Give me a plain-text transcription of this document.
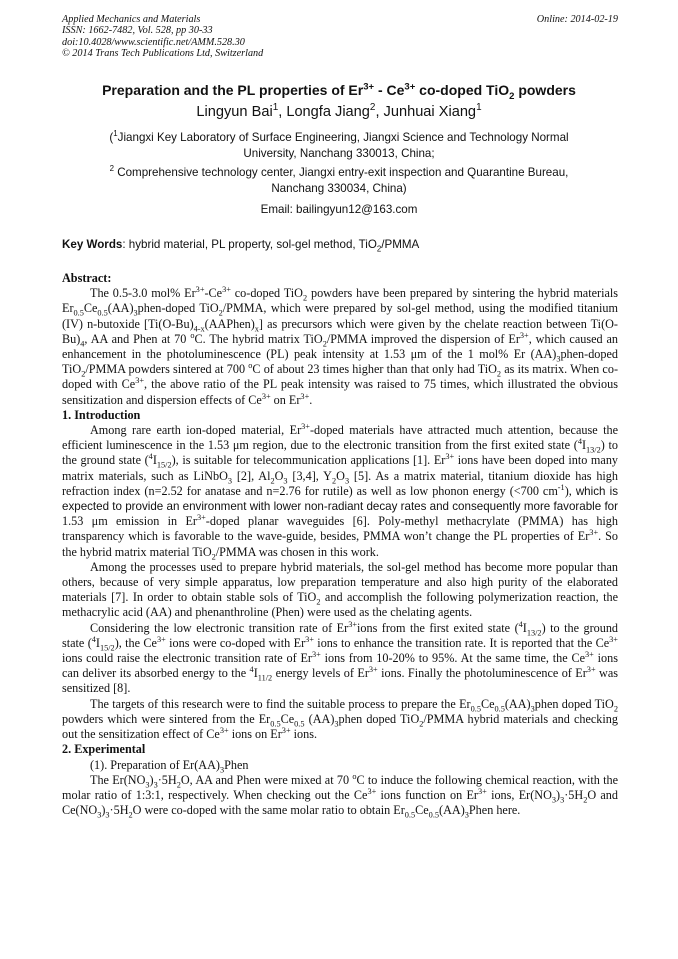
Applied Mechanics and Materials
ISSN: 1662-7482, Vol. 528, pp 30-33
doi:10.4028/www.scientific.net/AMM.528.30
© 2014 Trans Tech Publications Ltd, Switzerland
Online: 2014-02-19
Preparation and the PL properties of $Er^{3+} - Ce^{3+}$ co-doped TiO$_2$ powders
Lingyun Bai$^1$, Longfa Jiang$^2$, Junhuai Xiang$^1$
($^1$Jiangxi Key Laboratory of Surface Engineering, Jiangxi Science and Technology Normal
University, Nanchang 330013, China;
$^2$ Comprehensive technology center, Jiangxi entry-exit inspection and Quarantine Bureau,
Nanchang 330034, China)
Email: bailingyun12@163.com
Key Words: hybrid material, PL property, sol-gel method, TiO$_2$/PMMA
Abstract:

The 0.5-3.0 mol% $Er^{3+}-Ce^{3+}$ co-doped TiO$_2$ powders have been prepared by sintering the hybrid materials $Er_{0.5}Ce_{0.5}(AA)_3phen$-doped TiO$_2$/PMMA, which were prepared by sol-gel method, using the modified titanium (IV) n-butoxide $[Ti(O-Bu)_{4-x}(AAPhen)_x]$ as precursors which were given by the chelate reaction between $Ti(O-Bu)_4$, AA and Phen at 70 $^o$C. The hybrid matrix TiO$_2$/PMMA improved the dispersion of $Er^{3+}$, which caused an enhancement in the photoluminescence (PL) peak intensity at 1.53 μm of the 1 mol% Er $(AA)_3phen$-doped TiO$_2$/PMMA powders sintered at 700 $^o$C of about 23 times higher than that only had TiO$_2$ as its matrix. When co-doped with $Ce^{3+}$, the above ratio of the PL peak intensity was raised to 75 times, which illustrated the obvious sensitization and dispersion effects of $Ce^{3+}$ on $Er^{3+}$.

1. Introduction

Among rare earth ion-doped material, $Er^{3+}$-doped materials have attracted much attention, because the efficient luminescence in the 1.53 μm region, due to the electronic transition from the first exited state $(^4I_{13/2})$ to the ground state $(^4I_{15/2})$, is suitable for telecommunication applications [1]. $Er^{3+}$ ions have been doped into many matrix materials, such as LiNbO$_3$ [2], $Al_2O_3$ [3,4], $Y_2O_3$ [5]. As a matrix material, titanium dioxide has high refraction index (n=2.52 for anatase and n=2.76 for rutile) as well as low phonon energy (<700 $cm^{-1}$), which is expected to provide an environment with lower non-radiant decay rates and consequently more favorable for 1.53 μm emission in $Er^{3+}$-doped planar waveguides [6]. Poly-methyl methacrylate (PMMA) has high transparency which is favorable to the wave-guide, besides, PMMA won’t change the PL properties of $Er^{3+}$. So the hybrid matrix material TiO$_2$/PMMA was chosen in this work.

Among the processes used to prepare hybrid materials, the sol-gel method has become more popular than others, because of very simple apparatus, low preparation temperature and also high purity of the elaborated materials [7]. In order to obtain stable sols of TiO$_2$ and accomplish the following polymerization reaction, the methacrylic acid (AA) and phenanthroline (Phen) were used as the chelating agents.

Considering the low electronic transition rate of $Er^{3+}ions$ from the first exited state $(^4I_{13/2})$ to the ground state $(^4I_{15/2})$, the $Ce^{3+}$ ions were co-doped with $Er^{3+}$ ions to enhance the transition rate. It is reported that the $Ce^{3+}$ ions could raise the electronic transition rate of $Er^{3+}$ ions from 10-20% to 95%. At the same time, the $Ce^{3+}$ ions can deliver its absorbed energy to the $^4I_{11/2}$ energy levels of $Er^{3+}$ ions. Finally the photoluminescence of $Er^{3+}$ was sensitized [8].

The targets of this research were to find the suitable process to prepare the $Er_{0.5}Ce_{0.5}(AA)_3phen$ doped TiO$_2$ powders which were sintered from the $Er_{0.5}Ce_{0.5}$ $(AA)_3phen$ doped TiO$_2$/PMMA hybrid materials and checking out the sensitization effect of $Ce^{3+}$ ions on $Er^{3+}$ ions.

2. Experimental

(1). Preparation of $Er(AA)_3Phen$

The $Er(NO_3)_3\cdot 5H_2O$, AA and Phen were mixed at 70 $^o$C to induce the following chemical reaction, with the molar ratio of 1:3:1, respectively. When checking out the $Ce^{3+}$ ions function on $Er^{3+}$ ions, $Er(NO_3)_3\cdot 5H_2O$ and $Ce(NO_3)_3\cdot 5H_2O$ were co-doped with the same molar ratio to obtain $Er_{0.5}Ce_{0.5}(AA)_3Phen$ here.
